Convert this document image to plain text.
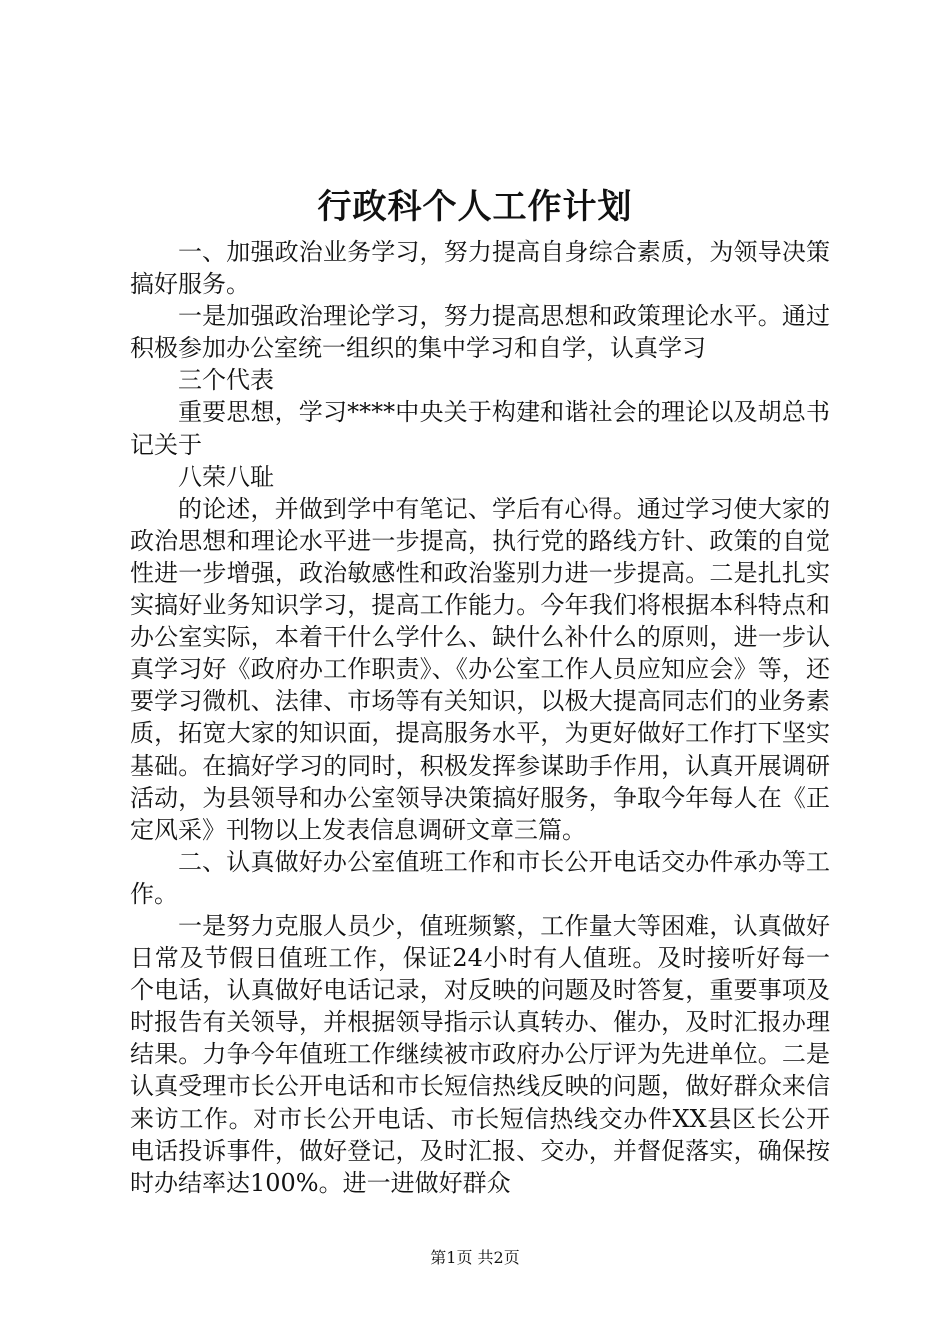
行政科个人工作计划

一、加强政治业务学习，努力提高自身综合素质，为领导决策搞好服务。

一是加强政治理论学习，努力提高思想和政策理论水平。通过积极参加办公室统一组织的集中学习和自学，认真学习

三个代表

重要思想，学习****中央关于构建和谐社会的理论以及胡总书记关于

八荣八耻

的论述，并做到学中有笔记、学后有心得。通过学习使大家的政治思想和理论水平进一步提高，执行党的路线方针、政策的自觉性进一步增强，政治敏感性和政治鉴别力进一步提高。二是扎扎实实搞好业务知识学习，提高工作能力。今年我们将根据本科特点和办公室实际，本着干什么学什么、缺什么补什么的原则，进一步认真学习好《政府办工作职责》、《办公室工作人员应知应会》等，还要学习微机、法律、市场等有关知识，以极大提高同志们的业务素质，拓宽大家的知识面，提高服务水平，为更好做好工作打下坚实基础。在搞好学习的同时，积极发挥参谋助手作用，认真开展调研活动，为县领导和办公室领导决策搞好服务，争取今年每人在《正定风采》刊物以上发表信息调研文章三篇。

二、认真做好办公室值班工作和市长公开电话交办件承办等工作。

一是努力克服人员少，值班频繁，工作量大等困难，认真做好日常及节假日值班工作，保证24小时有人值班。及时接听好每一个电话，认真做好电话记录，对反映的问题及时答复，重要事项及时报告有关领导，并根据领导指示认真转办、催办，及时汇报办理结果。力争今年值班工作继续被市政府办公厅评为先进单位。二是认真受理市长公开电话和市长短信热线反映的问题，做好群众来信来访工作。对市长公开电话、市长短信热线交办件XX县区长公开电话投诉事件，做好登记，及时汇报、交办，并督促落实，确保按时办结率达100%。进一进做好群众

第1页 共2页
